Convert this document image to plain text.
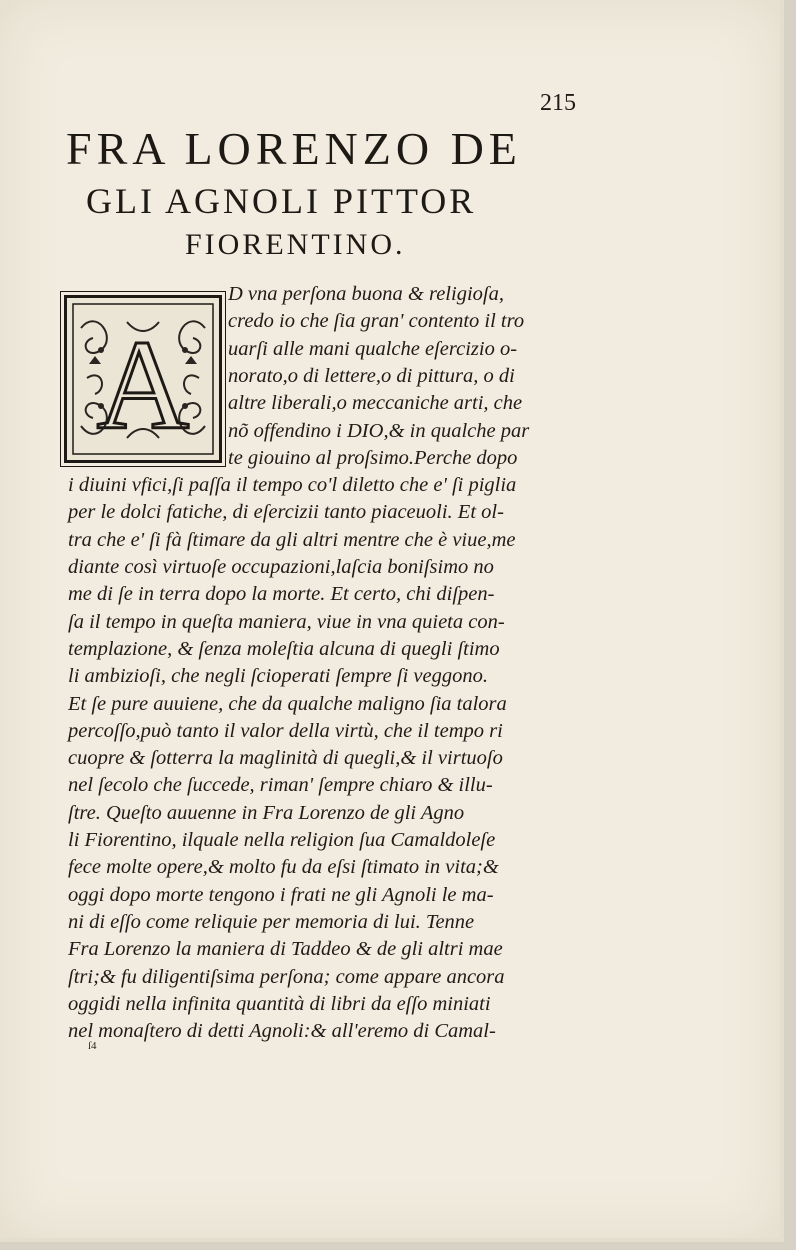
215
FRA LORENZO DE
GLI AGNOLI PITTOR
FIORENTINO.
A
D vna perſona buona & religioſa,
credo io che ſia gran' contento il tro
uarſi alle mani qualche eſercizio o-
norato,o di lettere,o di pittura, o di
altre liberali,o meccaniche arti, che
nõ offendino i DIO,& in qualche par
te giouino al proſsimo.Perche dopo
i diuini vfici,ſi paſſa il tempo co'l diletto che e' ſi piglia
per le dolci fatiche, di eſercizii tanto piaceuoli. Et ol-
tra che e' ſi fà ſtimare da gli altri mentre che è viue,me
diante così virtuoſe occupazioni,laſcia boniſsimo no
me di ſe in terra dopo la morte. Et certo, chi diſpen-
ſa il tempo in queſta maniera, viue in vna quieta con-
templazione, & ſenza moleſtia alcuna di quegli ſtimo
li ambizioſi, che negli ſcioperati ſempre ſi veggono.
Et ſe pure auuiene, che da qualche maligno ſia talora
percoſſo,può tanto il valor della virtù, che il tempo ri
cuopre & ſotterra la maglinità di quegli,& il virtuoſo
nel ſecolo che ſuccede, riman' ſempre chiaro & illu-
ſtre. Queſto auuenne in Fra Lorenzo de gli Agno
li Fiorentino, ilquale nella religion ſua Camaldoleſe
fece molte opere,& molto fu da eſsi ſtimato in vita;&
oggi dopo morte tengono i frati ne gli Agnoli le ma-
ni di eſſo come reliquie per memoria di lui. Tenne
Fra Lorenzo la maniera di Taddeo & de gli altri mae
ſtri;& fu diligentiſsima perſona; come appare ancora
oggidi nella infinita quantità di libri da eſſo miniati
nel monaſtero di detti Agnoli:& all'eremo di Camal-
ſ4
